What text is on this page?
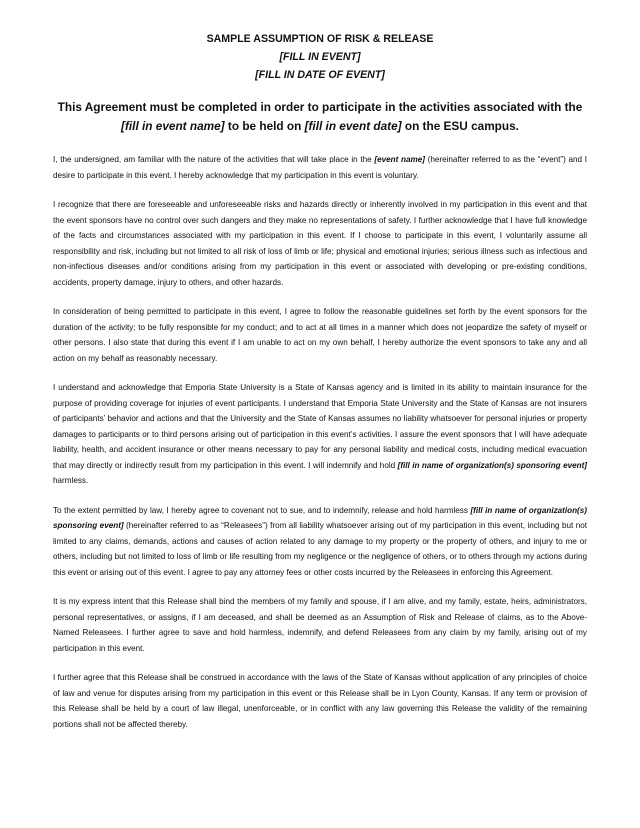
SAMPLE ASSUMPTION OF RISK & RELEASE
[FILL IN EVENT]
[FILL IN DATE OF EVENT]
This Agreement must be completed in order to participate in the activities associated with the [fill in event name] to be held on [fill in event date] on the ESU campus.

I, the undersigned, am familiar with the nature of the activities that will take place in the [event name] (hereinafter referred to as the “event”) and I desire to participate in this event. I hereby acknowledge that my participation in this event is voluntary.

I recognize that there are foreseeable and unforeseeable risks and hazards directly or inherently involved in my participation in this event and that the event sponsors have no control over such dangers and they make no representations of safety. I further acknowledge that I have full knowledge of the facts and circumstances associated with my participation in this event. If I choose to participate in this event, I voluntarily assume all responsibility and risk, including but not limited to all risk of loss of limb or life; physical and emotional injuries; serious illness such as infectious and non-infectious diseases and/or conditions arising from my participation in this event or associated with developing or pre-existing conditions, accidents, property damage, injury to others, and other hazards.

In consideration of being permitted to participate in this event, I agree to follow the reasonable guidelines set forth by the event sponsors for the duration of the activity; to be fully responsible for my conduct; and to act at all times in a manner which does not jeopardize the safety of myself or other persons. I also state that during this event if I am unable to act on my own behalf, I hereby authorize the event sponsors to take any and all action on my behalf as reasonably necessary.

I understand and acknowledge that Emporia State University is a State of Kansas agency and is limited in its ability to maintain insurance for the purpose of providing coverage for injuries of event participants. I understand that Emporia State University and the State of Kansas are not insurers of participants’ behavior and actions and that the University and the State of Kansas assumes no liability whatsoever for personal injuries or property damages to participants or to third persons arising out of participation in this event’s activities. I assure the event sponsors that I will have adequate liability, health, and accident insurance or other means necessary to pay for any personal liability and medical costs, including medical evacuation that may directly or indirectly result from my participation in this event. I will indemnify and hold [fill in name of organization(s) sponsoring event] harmless.

To the extent permitted by law, I hereby agree to covenant not to sue, and to indemnify, release and hold harmless [fill in name of organization(s) sponsoring event] (hereinafter referred to as “Releasees”) from all liability whatsoever arising out of my participation in this event, including but not limited to any claims, demands, actions and causes of action related to any damage to my property or the property of others, and injury to me or others, including but not limited to loss of limb or life resulting from my negligence or the negligence of others, or to others through my actions during this event or arising out of this event. I agree to pay any attorney fees or other costs incurred by the Releasees in enforcing this Agreement.

It is my express intent that this Release shall bind the members of my family and spouse, if I am alive, and my family, estate, heirs, administrators, personal representatives, or assigns, if I am deceased, and shall be deemed as an Assumption of Risk and Release of claims, as to the Above-Named Releasees. I further agree to save and hold harmless, indemnify, and defend Releasees from any claim by my family, arising out of my participation in this event.

I further agree that this Release shall be construed in accordance with the laws of the State of Kansas without application of any principles of choice of law and venue for disputes arising from my participation in this event or this Release shall be in Lyon County, Kansas. If any term or provision of this Release shall be held by a court of law illegal, unenforceable, or in conflict with any law governing this Release the validity of the remaining portions shall not be affected thereby.
